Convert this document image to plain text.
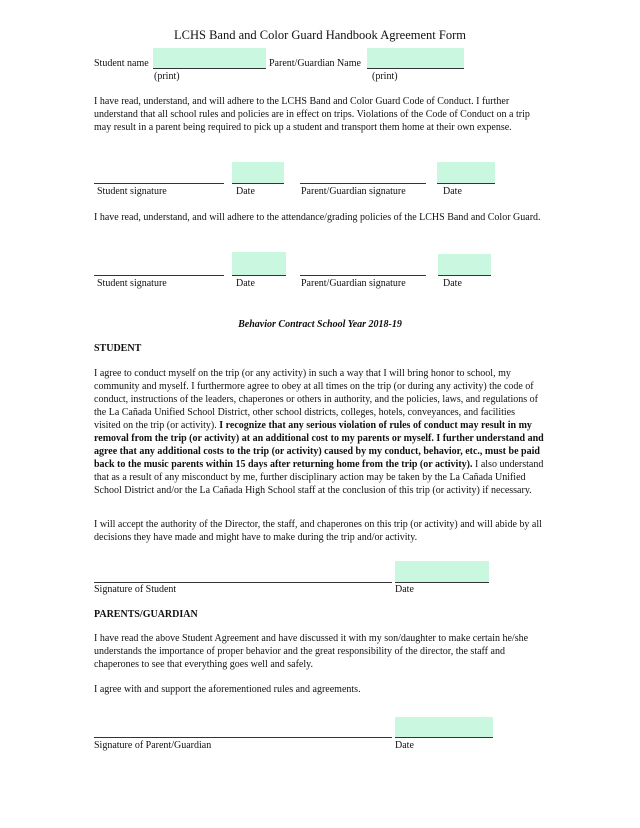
LCHS Band and Color Guard Handbook Agreement Form
Student name
(print)
Parent/Guardian Name
(print)
I have read, understand, and will adhere to the LCHS Band and Color Guard Code of Conduct. I further understand that all school rules and policies are in effect on trips. Violations of the Code of Conduct on a trip may result in a parent being required to pick up a student and transport them home at their own expense.
Student signature	Date	Parent/Guardian signature	Date
I have read, understand, and will adhere to the attendance/grading policies of the LCHS Band and Color Guard.
Student signature	Date	Parent/Guardian signature	Date
Behavior Contract School Year 2018-19
STUDENT
I agree to conduct myself on the trip (or any activity) in such a way that I will bring honor to school, my community and myself. I furthermore agree to obey at all times on the trip (or during any activity) the code of conduct, instructions of the leaders, chaperones or others in authority, and the policies, laws, and regulations of the La Cañada Unified School District, other school districts, colleges, hotels, conveyances, and facilities visited on the trip (or activity). I recognize that any serious violation of rules of conduct may result in my removal from the trip (or activity) at an additional cost to my parents or myself. I further understand and agree that any additional costs to the trip (or activity) caused by my conduct, behavior, etc., must be paid back to the music parents within 15 days after returning home from the trip (or activity). I also understand that as a result of any misconduct by me, further disciplinary action may be taken by the La Cañada Unified School District and/or the La Cañada High School staff at the conclusion of this trip (or activity) if necessary.
I will accept the authority of the Director, the staff, and chaperones on this trip (or activity) and will abide by all decisions they have made and might have to make during the trip and/or activity.
Signature of Student	Date
PARENTS/GUARDIAN
I have read the above Student Agreement and have discussed it with my son/daughter to make certain he/she understands the importance of proper behavior and the great responsibility of the director, the staff and chaperones to see that everything goes well and safely.
I agree with and support the aforementioned rules and agreements.
Signature of Parent/Guardian	Date
